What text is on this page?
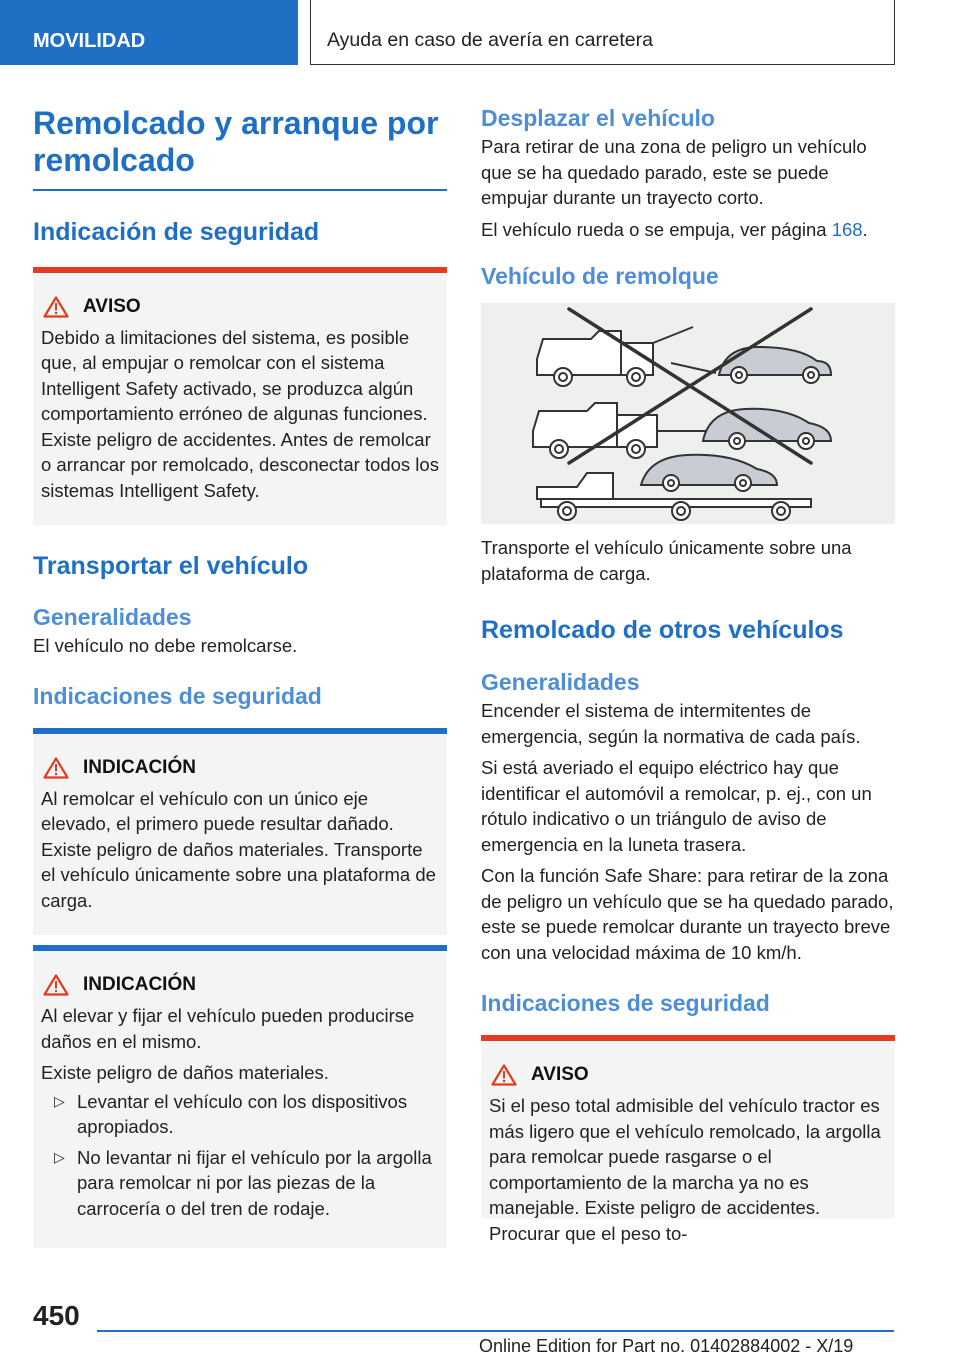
MOVILIDAD	Ayuda en caso de avería en carretera
Remolcado y arranque por remolcado
Indicación de seguridad
AVISO

Debido a limitaciones del sistema, es posible que, al empujar o remolcar con el sistema Intelligent Safety activado, se produzca algún comportamiento erróneo de algunas funciones. Existe peligro de accidentes. Antes de remolcar o arrancar por remolcado, desconectar todos los sistemas Intelligent Safety.

Transportar el vehículo
Generalidades

El vehículo no debe remolcarse.

Indicaciones de seguridad
INDICACIÓN

Al remolcar el vehículo con un único eje elevado, el primero puede resultar dañado. Existe peligro de daños materiales. Transporte el vehículo únicamente sobre una plataforma de carga.

INDICACIÓN

Al elevar y fijar el vehículo pueden producirse daños en el mismo.

Existe peligro de daños materiales.

▷ Levantar el vehículo con los dispositivos apropiados.
▷ No levantar ni fijar el vehículo por la argolla para remolcar ni por las piezas de la carrocería o del tren de rodaje.
Desplazar el vehículo

Para retirar de una zona de peligro un vehículo que se ha quedado parado, este se puede empujar durante un trayecto corto.

El vehículo rueda o se empuja, ver página 168.

Vehículo de remolque

Transporte el vehículo únicamente sobre una plataforma de carga.

Remolcado de otros vehículos
Generalidades

Encender el sistema de intermitentes de emergencia, según la normativa de cada país.

Si está averiado el equipo eléctrico hay que identificar el automóvil a remolcar, p. ej., con un rótulo indicativo o un triángulo de aviso de emergencia en la luneta trasera.

Con la función Safe Share: para retirar de la zona de peligro un vehículo que se ha quedado parado, este se puede remolcar durante un trayecto breve con una velocidad máxima de 10 km/h.

Indicaciones de seguridad
AVISO

Si el peso total admisible del vehículo tractor es más ligero que el vehículo remolcado, la argolla para remolcar puede rasgarse o el comportamiento de la marcha ya no es manejable. Existe peligro de accidentes. Procurar que el peso to-

450
Online Edition for Part no. 01402884002 - X/19
